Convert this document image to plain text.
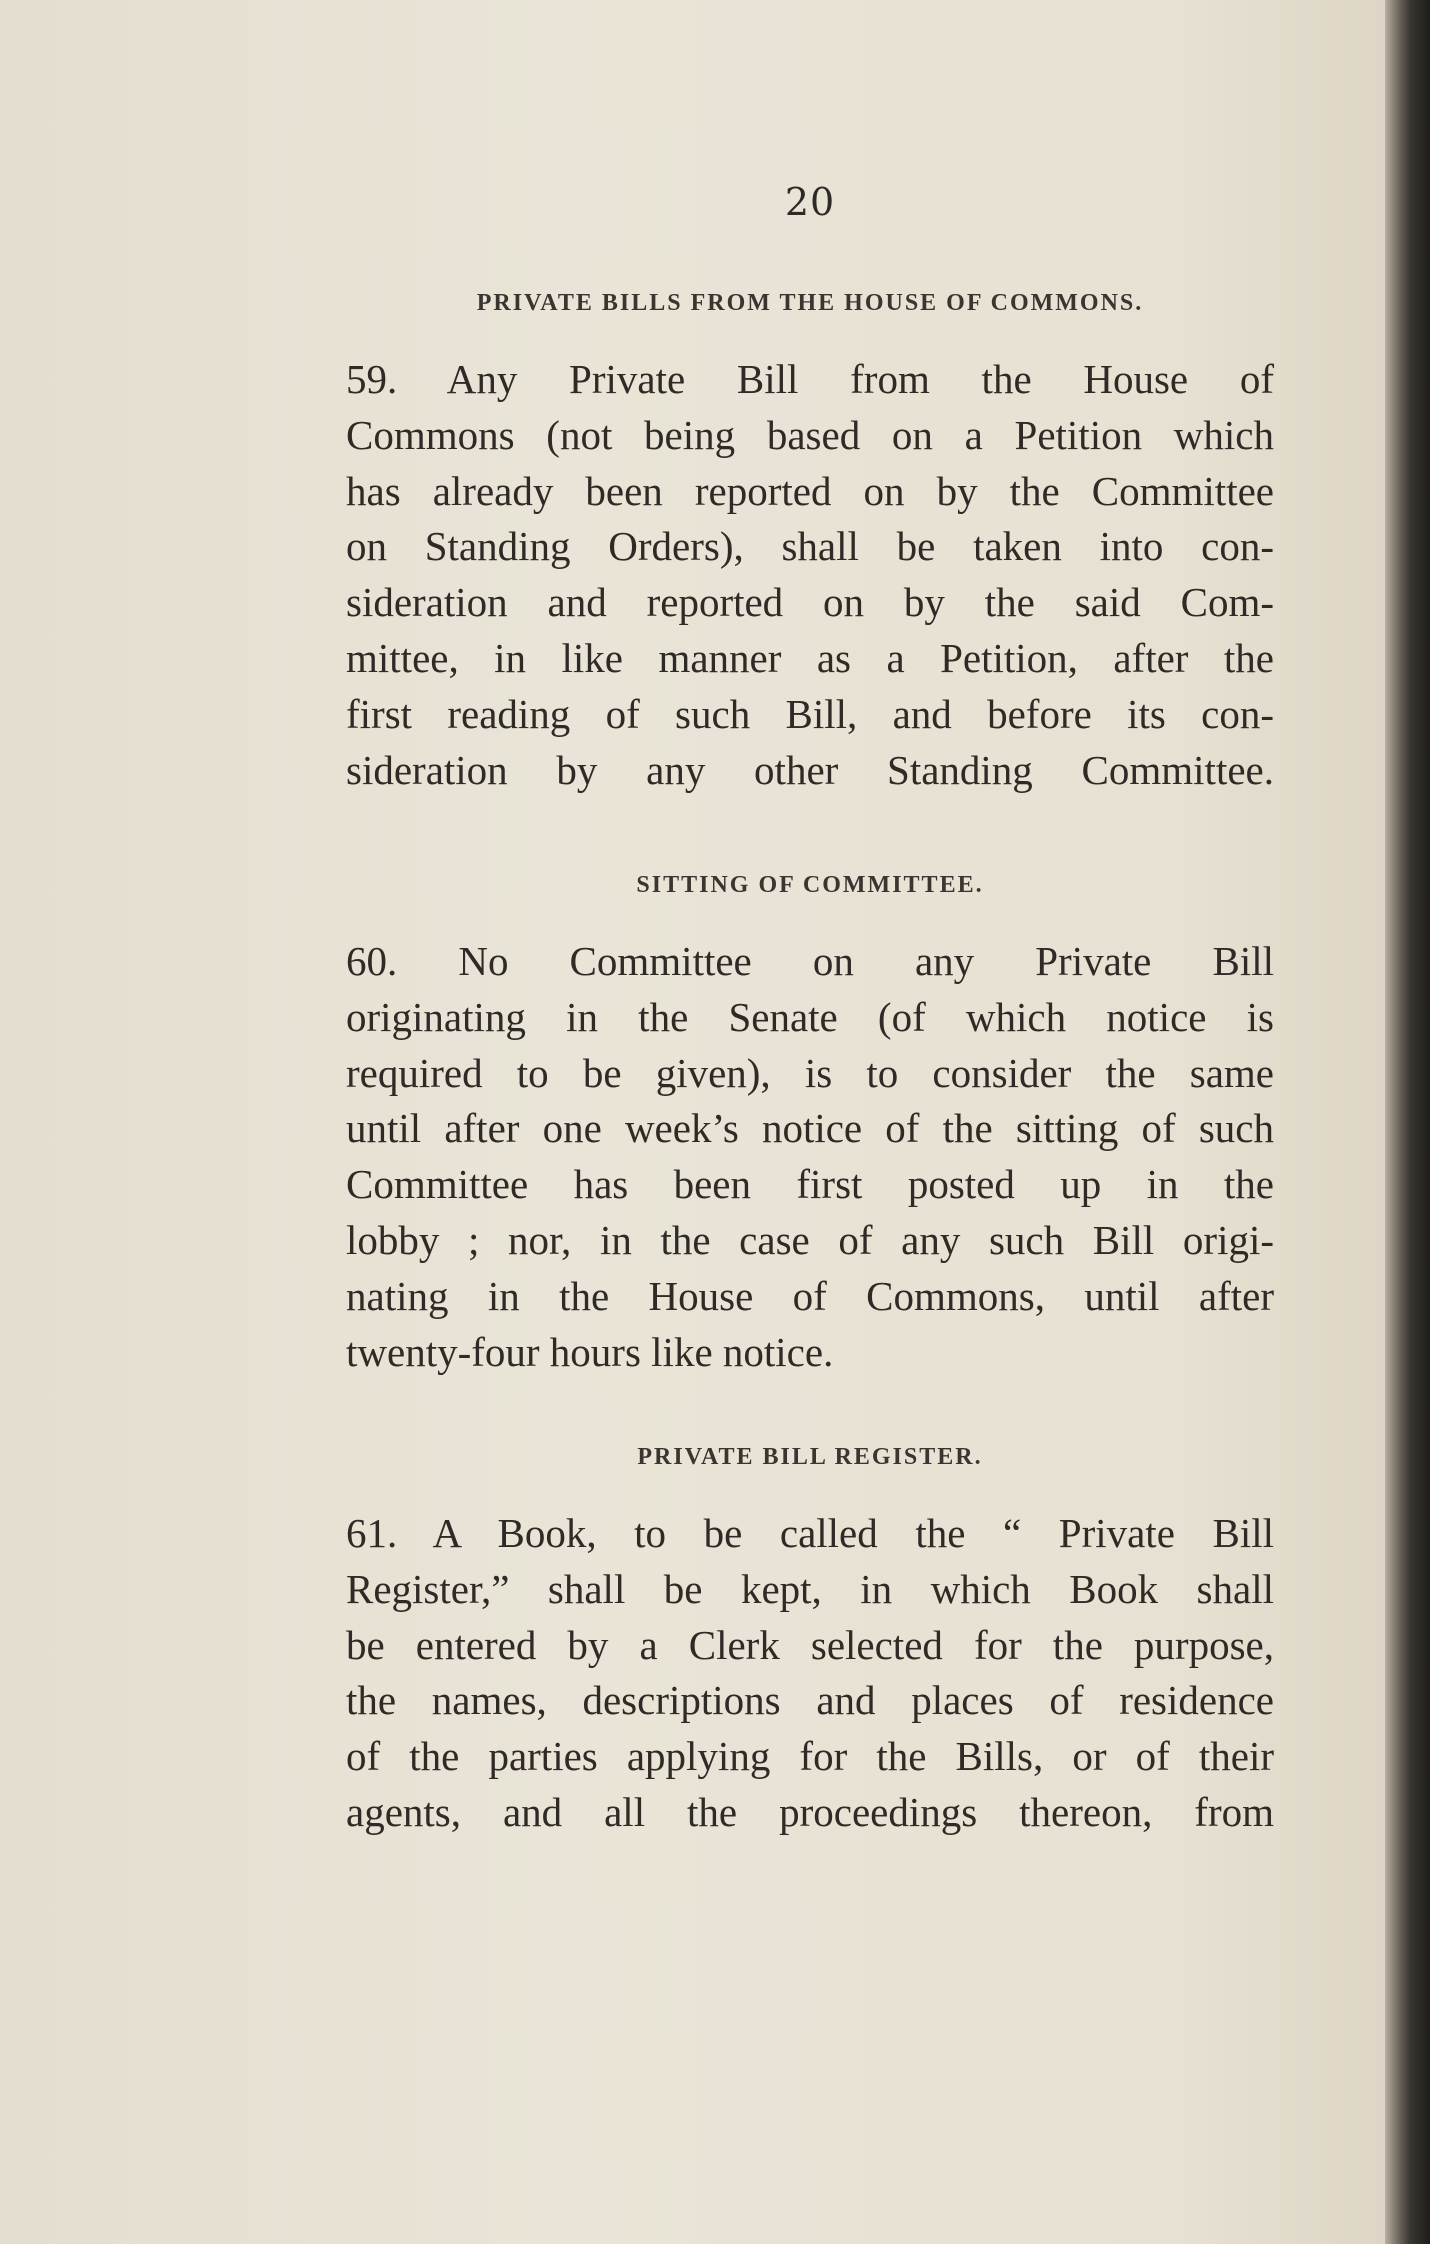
20
PRIVATE BILLS FROM THE HOUSE OF COMMONS.
59. Any Private Bill from the House of
Commons (not being based on a Petition which
has already been reported on by the Committee
on Standing Orders), shall be taken into con-
sideration and reported on by the said Com-
mittee, in like manner as a Petition, after the
first reading of such Bill, and before its con-
sideration by any other Standing Committee.
SITTING OF COMMITTEE.
60. No Committee on any Private Bill
originating in the Senate (of which notice is
required to be given), is to consider the same
until after one week’s notice of the sitting of such
Committee has been first posted up in the
lobby ; nor, in the case of any such Bill origi-
nating in the House of Commons, until after
twenty-four hours like notice.
PRIVATE BILL REGISTER.
61. A Book, to be called the “ Private Bill
Register,” shall be kept, in which Book shall
be entered by a Clerk selected for the purpose,
the names, descriptions and places of residence
of the parties applying for the Bills, or of their
agents, and all the proceedings thereon, from
